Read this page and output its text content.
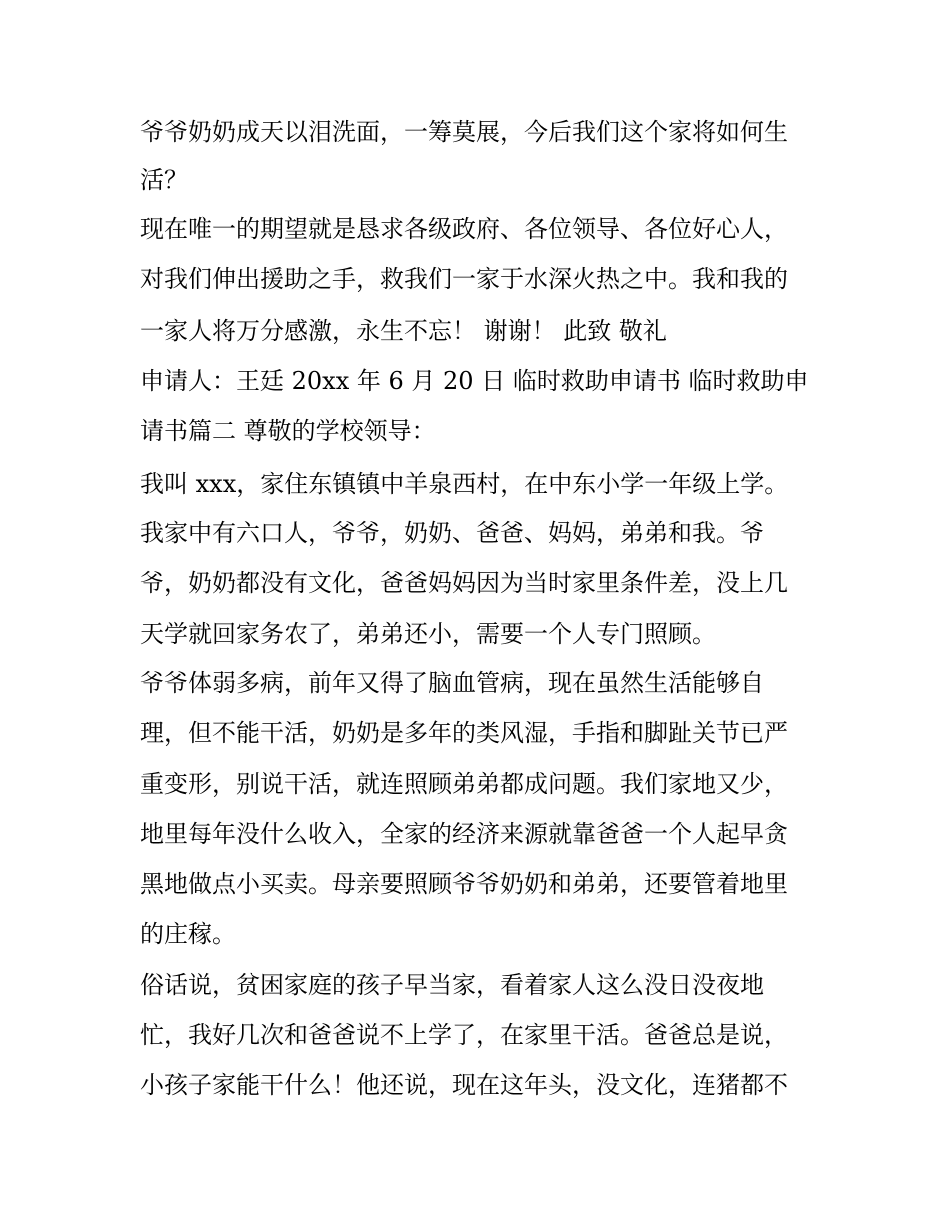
爷爷奶奶成天以泪洗面，一筹莫展，今后我们这个家将如何生
活？
现在唯一的期望就是恳求各级政府、各位领导、各位好心人，
对我们伸出援助之手，救我们一家于水深火热之中。我和我的
一家人将万分感激，永生不忘！ 谢谢！ 此致 敬礼
申请人：王廷 20xx 年 6 月 20 日 临时救助申请书 临时救助申
请书篇二 尊敬的学校领导：
我叫 xxx，家住东镇镇中羊泉西村，在中东小学一年级上学。
我家中有六口人，爷爷，奶奶、爸爸、妈妈，弟弟和我。爷
爷，奶奶都没有文化，爸爸妈妈因为当时家里条件差，没上几
天学就回家务农了，弟弟还小，需要一个人专门照顾。
爷爷体弱多病，前年又得了脑血管病，现在虽然生活能够自
理，但不能干活，奶奶是多年的类风湿，手指和脚趾关节已严
重变形，别说干活，就连照顾弟弟都成问题。我们家地又少，
地里每年没什么收入，全家的经济来源就靠爸爸一个人起早贪
黑地做点小买卖。母亲要照顾爷爷奶奶和弟弟，还要管着地里
的庄稼。
俗话说，贫困家庭的孩子早当家，看着家人这么没日没夜地
忙，我好几次和爸爸说不上学了，在家里干活。爸爸总是说，
小孩子家能干什么！他还说，现在这年头，没文化，连猪都不
